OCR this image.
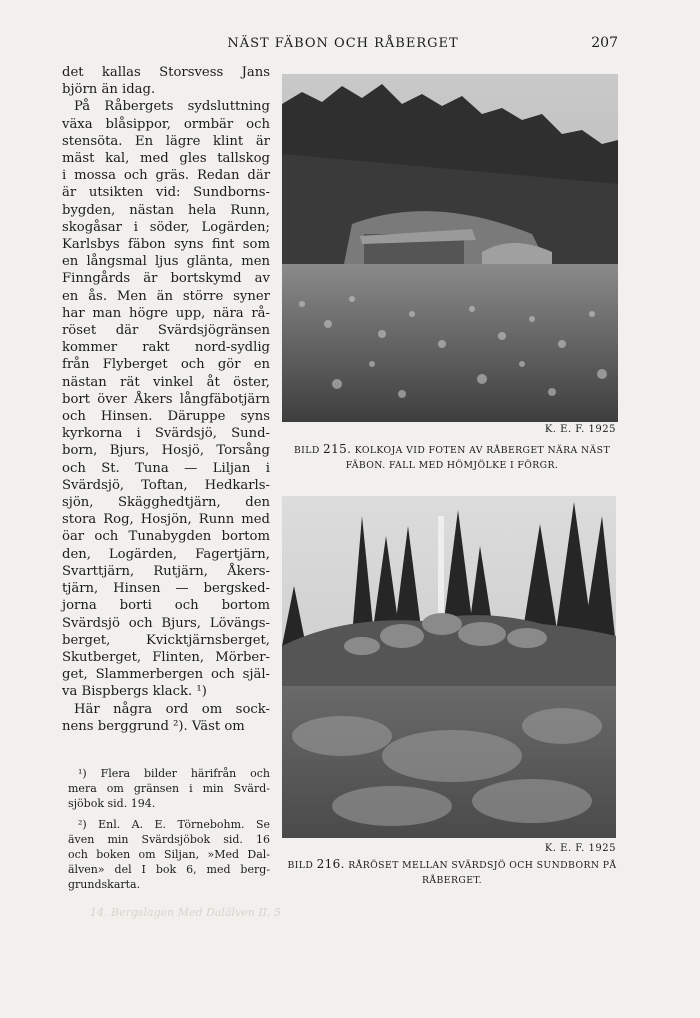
NÄST FÄBON OCH RÅBERGET	207
det kallas Storsvess Jans
björn än idag.
På Råbergets sydsluttning
växa blåsippor, ormbär och
stensöta. En lägre klint är
mäst kal, med gles tallskog
i mossa och gräs. Redan där
är utsikten vid: Sundborns-
bygden, nästan hela Runn,
skogåsar i söder, Logärden;
Karlsbys fäbon syns fint som
en långsmal ljus glänta, men
Finngårds är bortskymd av
en ås. Men än större syner
har man högre upp, nära rå-
röset där Svärdsjögränsen
kommer rakt nord-sydlig
från Flyberget och gör en
nästan rät vinkel åt öster,
bort över Åkers långfäbotjärn
och Hinsen. Däruppe syns
kyrkorna i Svärdsjö, Sund-
born, Bjurs, Hosjö, Torsång
och St. Tuna — Liljan i
Svärdsjö, Toftan, Hedkarls-
sjön, Skägghedtjärn, den
stora Rog, Hosjön, Runn med
öar och Tunabygden bortom
den, Logärden, Fagertjärn,
Svarttjärn, Rutjärn, Åkers-
tjärn, Hinsen — bergsked-
jorna borti och bortom
Svärdsjö och Bjurs, Lövängs-
berget, Kvicktjärnsberget,
Skutberget, Flinten, Mörber-
get, Slammerbergen och själ-
va Bispbergs klack. ¹)
Här några ord om sock-
nens berggrund ²). Väst om
¹) Flera bilder härifrån och
mera om gränsen i min Svärd-
sjöbok sid. 194.
²) Enl. A. E. Törnebohm. Se
även min Svärdsjöbok sid. 16
och boken om Siljan, »Med Dal-
älven» del I bok 6, med berg-
grundskarta.
K. E. F. 1925
BILD 215. KOLKOJA VID FOTEN AV RÅBERGET NÄRA NÄST
FÄBON. FALL MED HÖMJÖLKE I FÖRGR.
K. E. F. 1925
BILD 216. RÅRÖSET MELLAN SVÄRDSJÖ OCH SUNDBORN PÅ
RÅBERGET.
14. Bergslagen Med Dalälven II, 5
